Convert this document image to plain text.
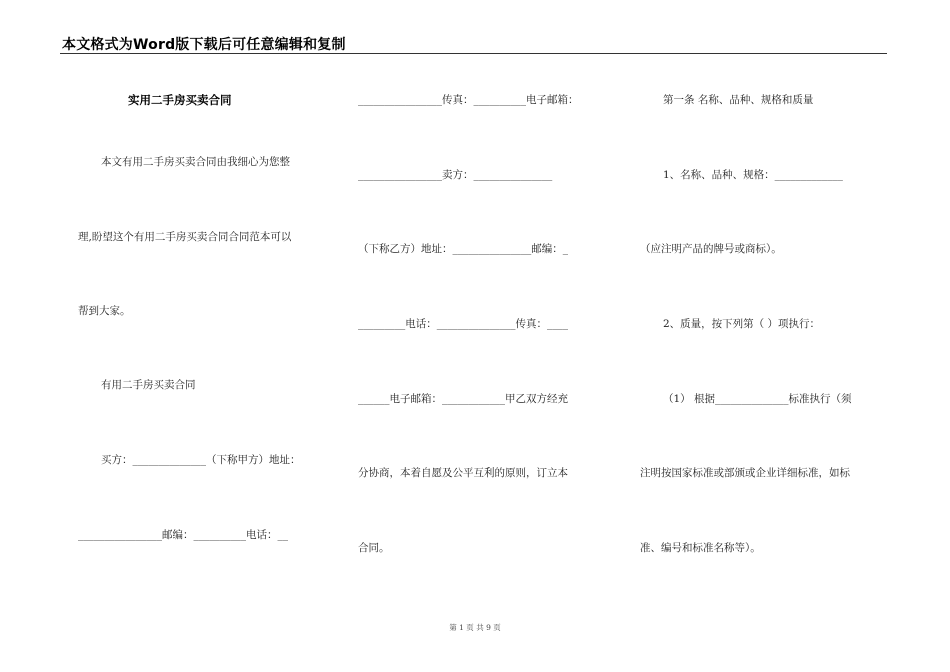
本文格式为Word版下载后可任意编辑和复制
实用二手房买卖合同
本文有用二手房买卖合同由我细心为您整
理,盼望这个有用二手房买卖合同合同范本可以
帮到大家。
有用二手房买卖合同
买方：______________（下称甲方）地址：
________________邮编：__________电话：__
________________传真：__________电子邮箱：
________________卖方：_______________
（下称乙方）地址：_______________邮编：_
_________电话：_______________传真：____
______电子邮箱：____________甲乙双方经充
分协商，本着自愿及公平互利的原则，订立本
合同。
第一条 名称、品种、规格和质量
1、名称、品种、规格：_____________
（应注明产品的牌号或商标）。
2、质量，按下列第（ ）项执行：
（1） 根据______________标准执行（须
注明按国家标准或部颁或企业详细标准，如标
准、编号和标准名称等）。
第 1 页 共 9 页
